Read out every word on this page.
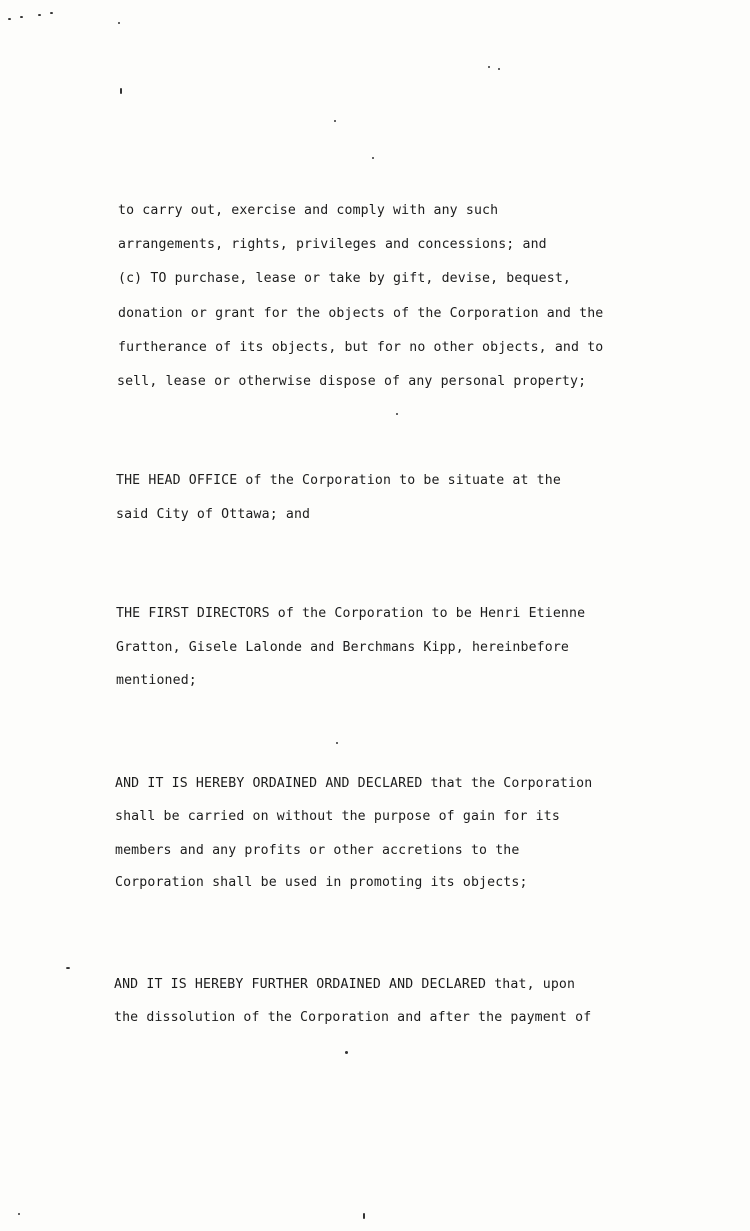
to carry out, exercise and comply with any such
arrangements, rights, privileges and concessions; and
(c) TO purchase, lease or take by gift, devise, bequest,
donation or grant for the objects of the Corporation and the
furtherance of its objects, but for no other objects, and to
sell, lease or otherwise dispose of any personal property;
THE HEAD OFFICE of the Corporation to be situate at the
said City of Ottawa; and
THE FIRST DIRECTORS of the Corporation to be Henri Etienne
Gratton, Gisele Lalonde and Berchmans Kipp, hereinbefore
mentioned;
AND IT IS HEREBY ORDAINED AND DECLARED that the Corporation
shall be carried on without the purpose of gain for its
members and any profits or other accretions to the
Corporation shall be used in promoting its objects;
AND IT IS HEREBY FURTHER ORDAINED AND DECLARED that, upon
the dissolution of the Corporation and after the payment of
